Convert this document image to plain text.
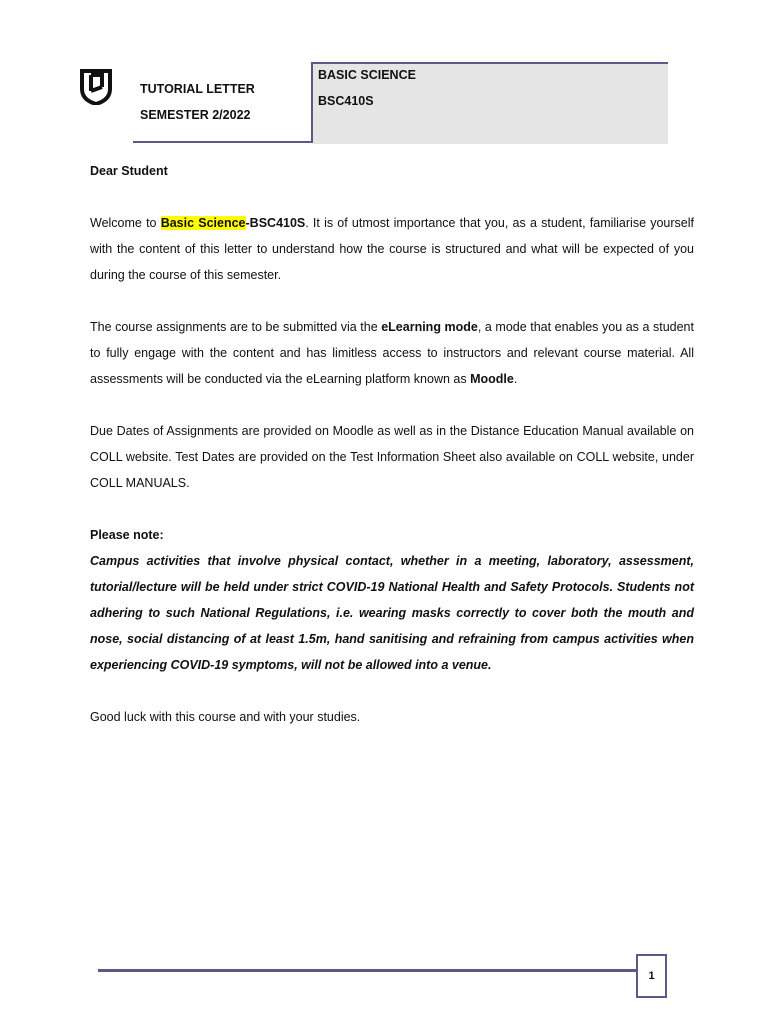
TUTORIAL LETTER
SEMESTER 2/2022
BASIC SCIENCE
BSC410S

Dear Student

Welcome to Basic Science-BSC410S. It is of utmost importance that you, as a student, familiarise yourself with the content of this letter to understand how the course is structured and what will be expected of you during the course of this semester.

The course assignments are to be submitted via the eLearning mode, a mode that enables you as a student to fully engage with the content and has limitless access to instructors and relevant course material. All assessments will be conducted via the eLearning platform known as Moodle.

Due Dates of Assignments are provided on Moodle as well as in the Distance Education Manual available on COLL website. Test Dates are provided on the Test Information Sheet also available on COLL website, under COLL MANUALS.

Please note:

Campus activities that involve physical contact, whether in a meeting, laboratory, assessment, tutorial/lecture will be held under strict COVID-19 National Health and Safety Protocols. Students not adhering to such National Regulations, i.e. wearing masks correctly to cover both the mouth and nose, social distancing of at least 1.5m, hand sanitising and refraining from campus activities when experiencing COVID-19 symptoms, will not be allowed into a venue.

Good luck with this course and with your studies.

1
